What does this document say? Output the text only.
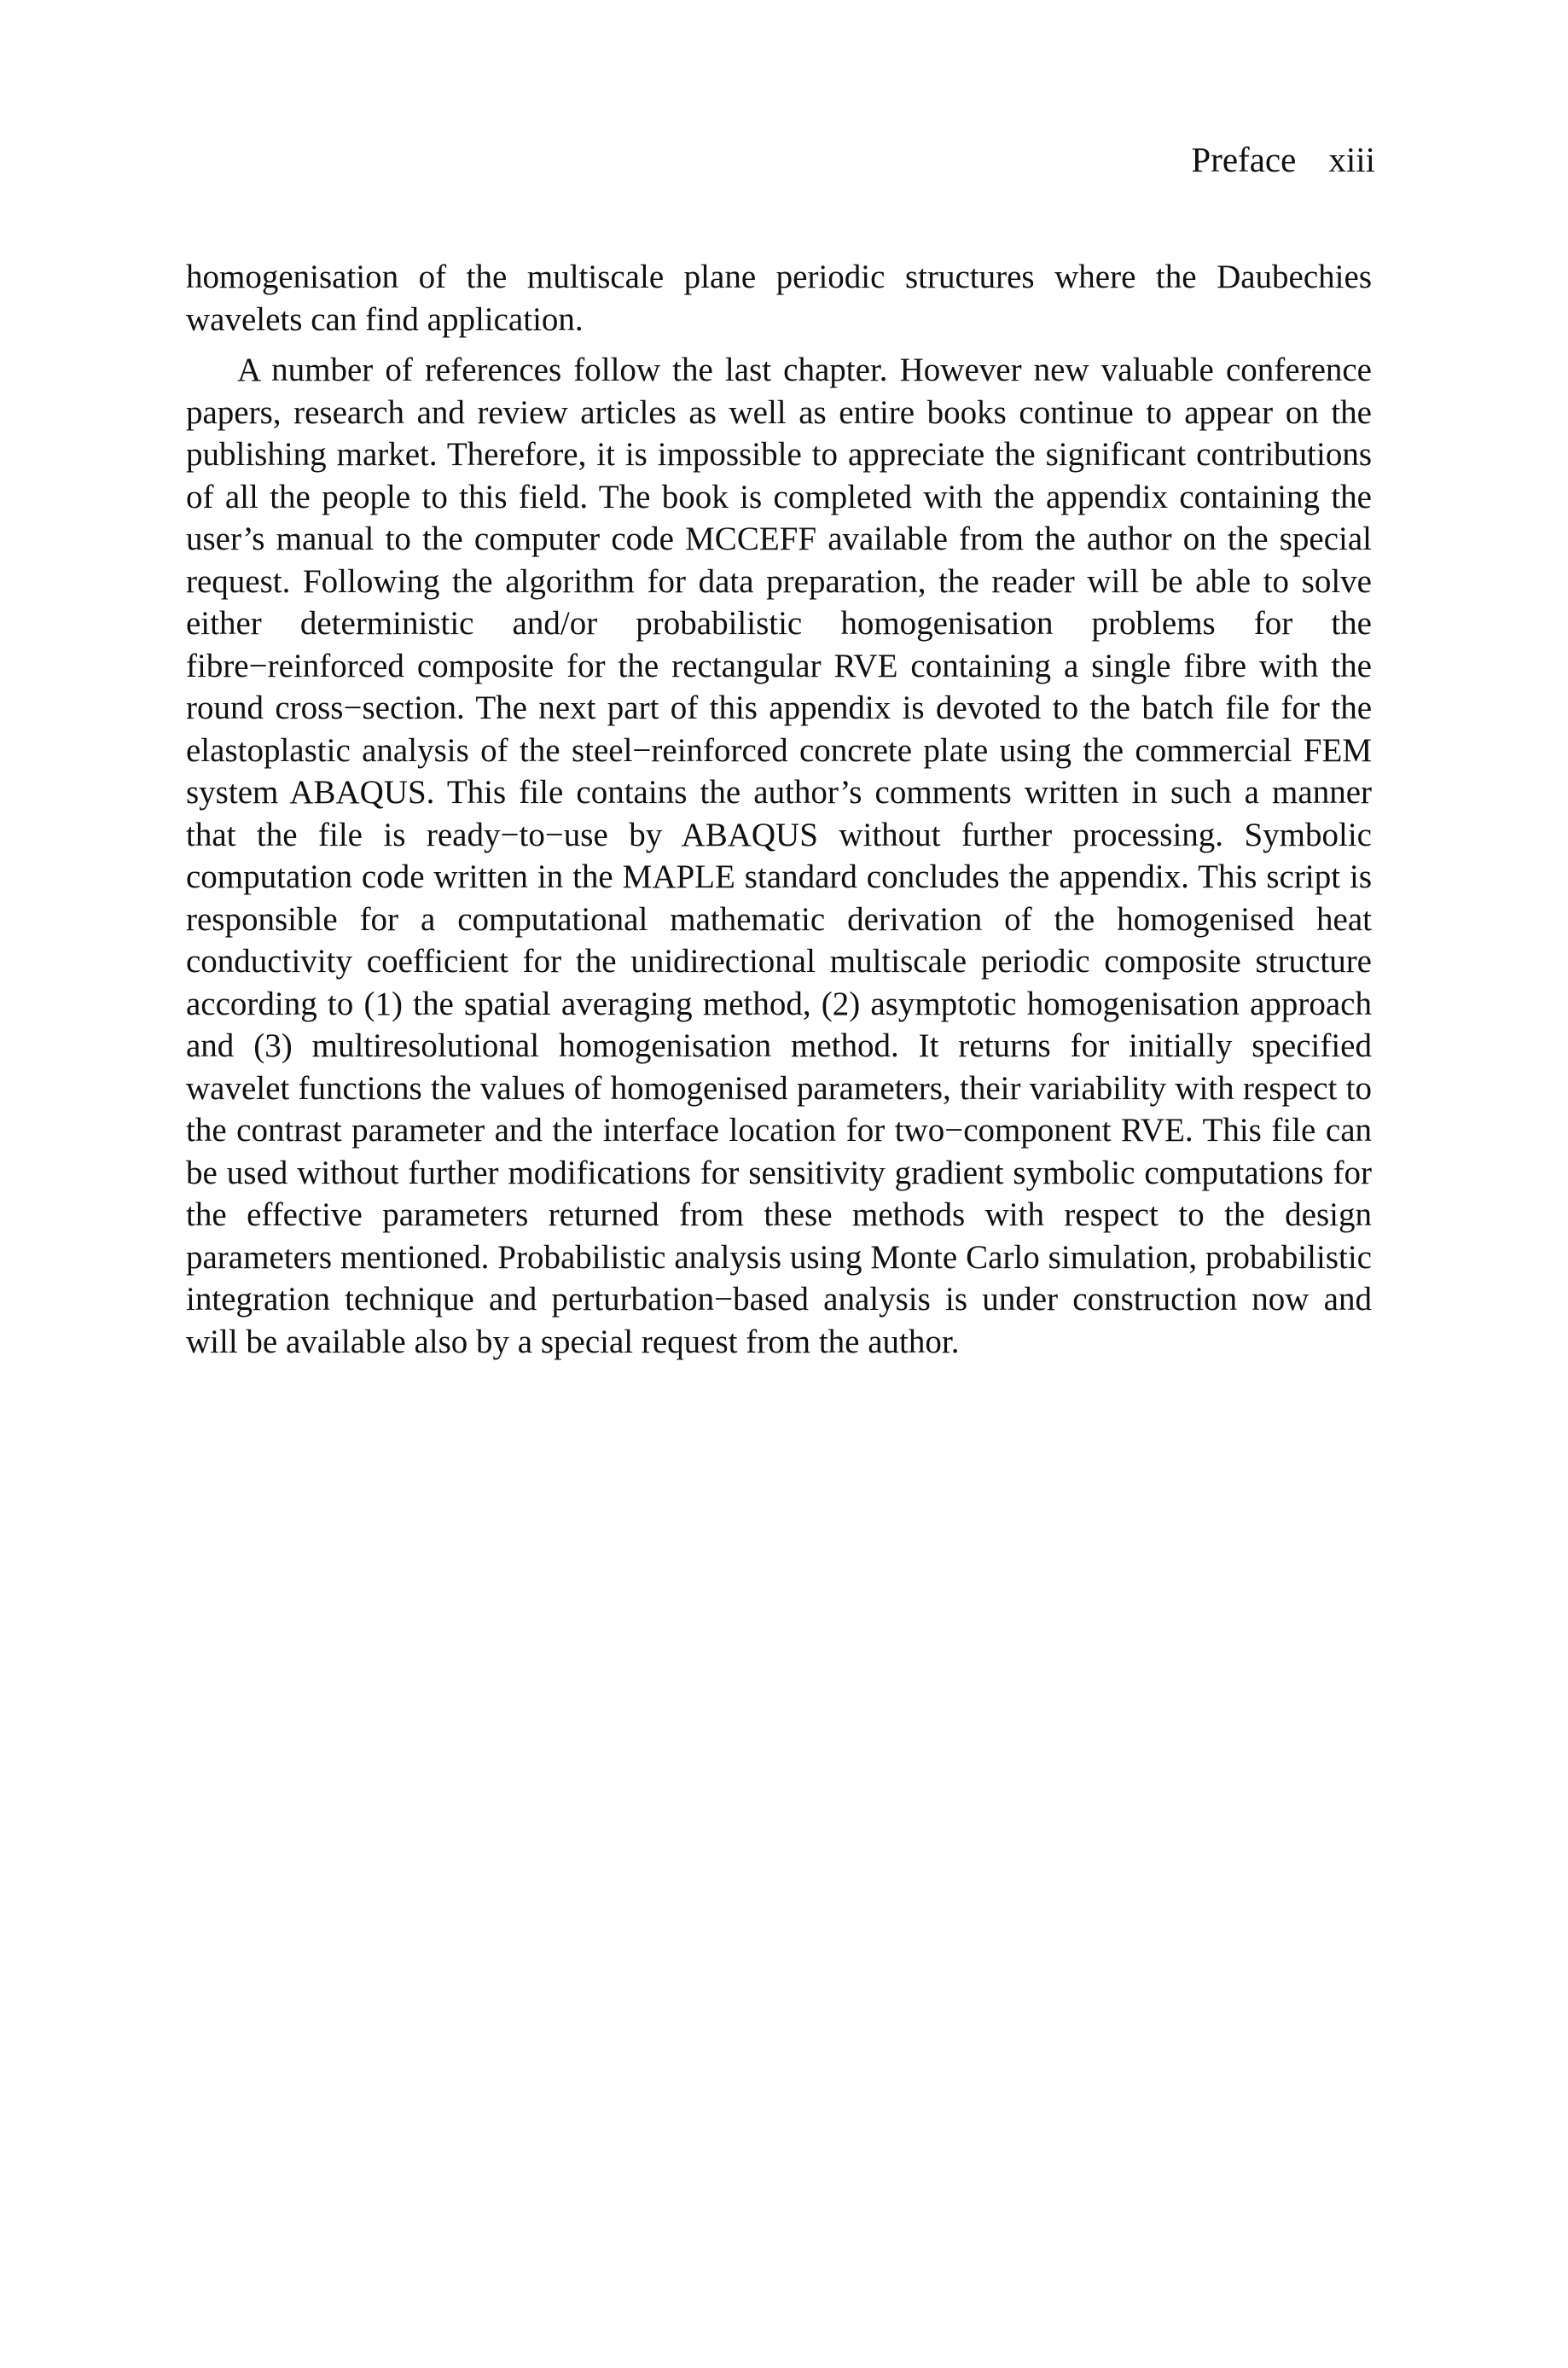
Preface xiii

homogenisation of the multiscale plane periodic structures where the Daubechies wavelets can find application.

A number of references follow the last chapter. However new valuable conference papers, research and review articles as well as entire books continue to appear on the publishing market. Therefore, it is impossible to appreciate the significant contributions of all the people to this field. The book is completed with the appendix containing the user’s manual to the computer code MCCEFF available from the author on the special request. Following the algorithm for data preparation, the reader will be able to solve either deterministic and/or probabilistic homogenisation problems for the fibre−reinforced composite for the rectangular RVE containing a single fibre with the round cross−section. The next part of this appendix is devoted to the batch file for the elastoplastic analysis of the steel−reinforced concrete plate using the commercial FEM system ABAQUS. This file contains the author’s comments written in such a manner that the file is ready−to−use by ABAQUS without further processing. Symbolic computation code written in the MAPLE standard concludes the appendix. This script is responsible for a computational mathematic derivation of the homogenised heat conductivity coefficient for the unidirectional multiscale periodic composite structure according to (1) the spatial averaging method, (2) asymptotic homogenisation approach and (3) multiresolutional homogenisation method. It returns for initially specified wavelet functions the values of homogenised parameters, their variability with respect to the contrast parameter and the interface location for two−component RVE. This file can be used without further modifications for sensitivity gradient symbolic computations for the effective parameters returned from these methods with respect to the design parameters mentioned. Probabilistic analysis using Monte Carlo simulation, probabilistic integration technique and perturbation−based analysis is under construction now and will be available also by a special request from the author.
